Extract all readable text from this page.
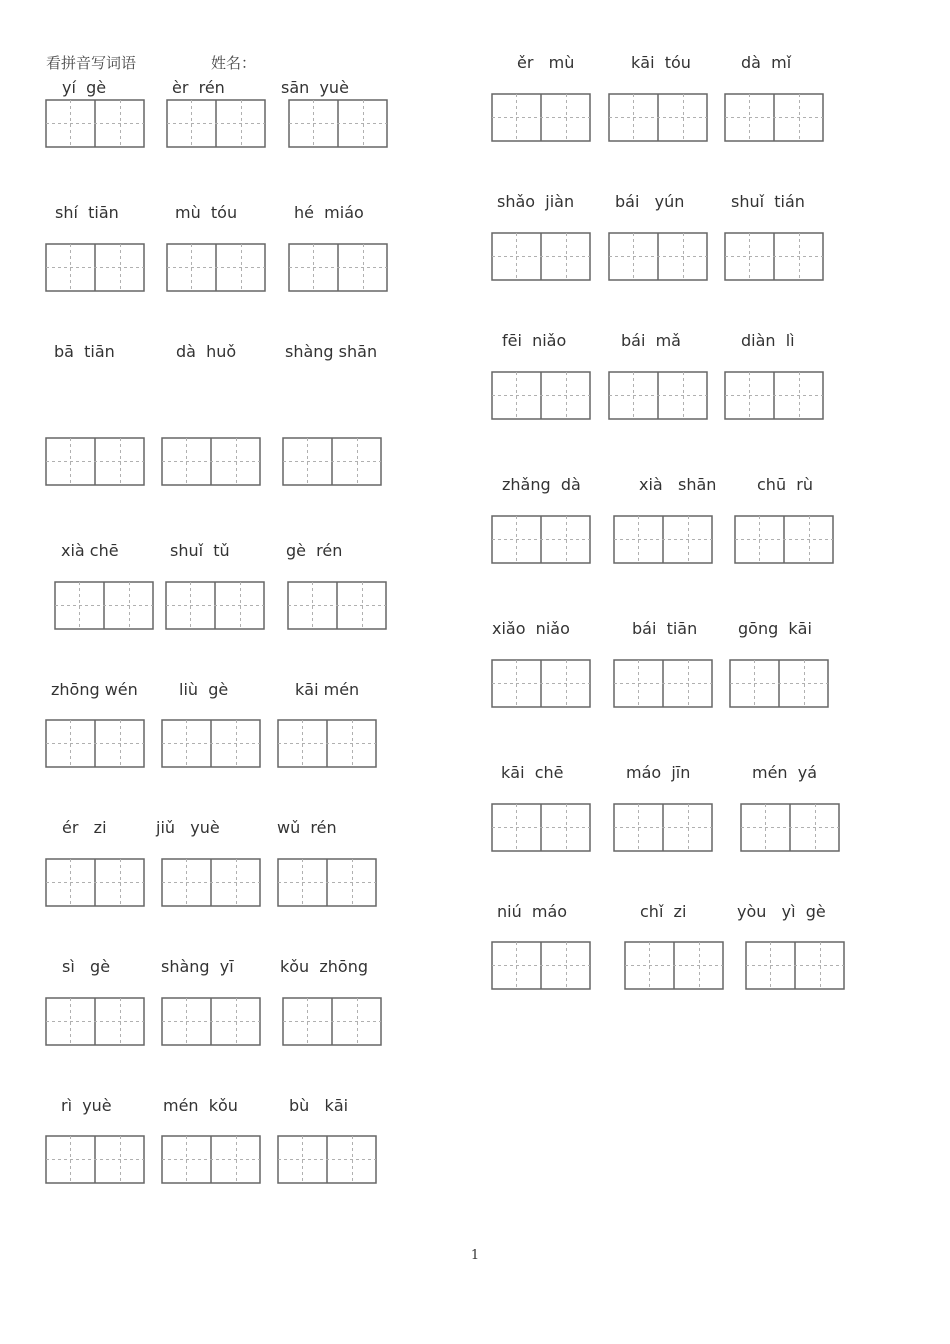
看拼音写词语	姓名：
yí  gè	èr  rén	sān  yuè
shí  tiān	mù  tóu	hé  miáo
bā  tiān	dà  huǒ	shàng shān
xià chē	shuǐ  tǔ	gè  rén
zhōng wén	liù  gè	kāi mén
ér   zi	jiǔ   yuè	wǔ  rén
sì   gè	shàng  yī	kǒu  zhōng
rì  yuè	mén  kǒu	bù   kāi
ěr   mù	kāi  tóu	dà  mǐ
shǎo  jiàn	bái   yún	shuǐ  tián
fēi  niǎo	bái  mǎ	diàn  lì
zhǎng  dà	xià   shān	chū  rù
xiǎo  niǎo	bái  tiān	gōng  kāi
kāi  chē	máo  jīn	mén  yá
niú  máo	chǐ  zi	yòu   yì  gè
1
